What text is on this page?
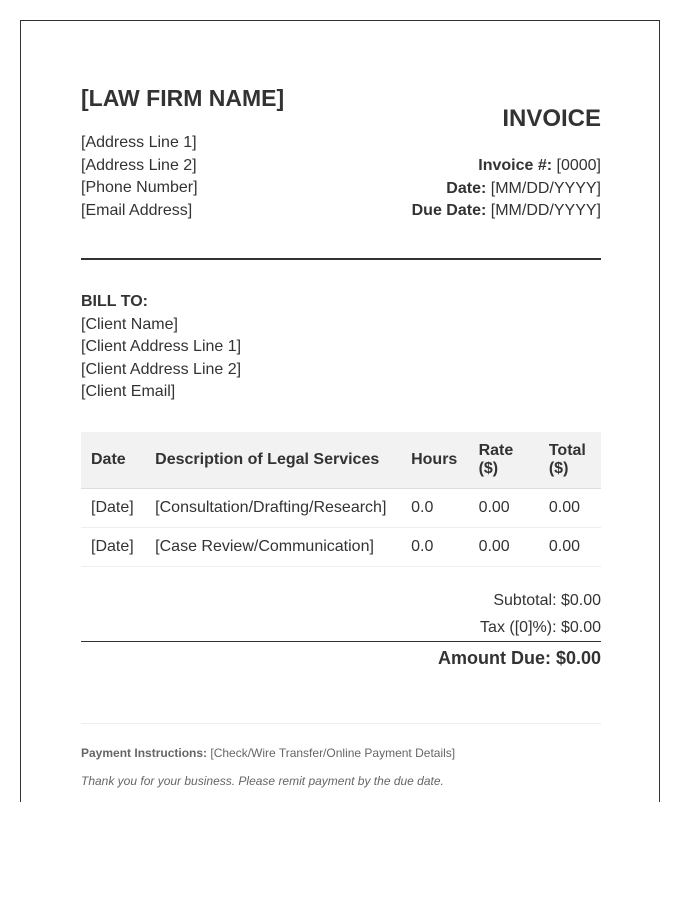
[LAW FIRM NAME]
[Address Line 1]
[Address Line 2]
[Phone Number]
[Email Address]
INVOICE
Invoice #: [0000]
Date: [MM/DD/YYYY]
Due Date: [MM/DD/YYYY]
BILL TO:
[Client Name]
[Client Address Line 1]
[Client Address Line 2]
[Client Email]
Date	Description of Legal Services	Hours	Rate ($)	Total ($)
[Date]	[Consultation/Drafting/Research]	0.0	0.00	0.00
[Date]	[Case Review/Communication]	0.0	0.00	0.00
Subtotal: $0.00
Tax ([0]%): $0.00
Amount Due: $0.00
Payment Instructions: [Check/Wire Transfer/Online Payment Details]
Thank you for your business. Please remit payment by the due date.
